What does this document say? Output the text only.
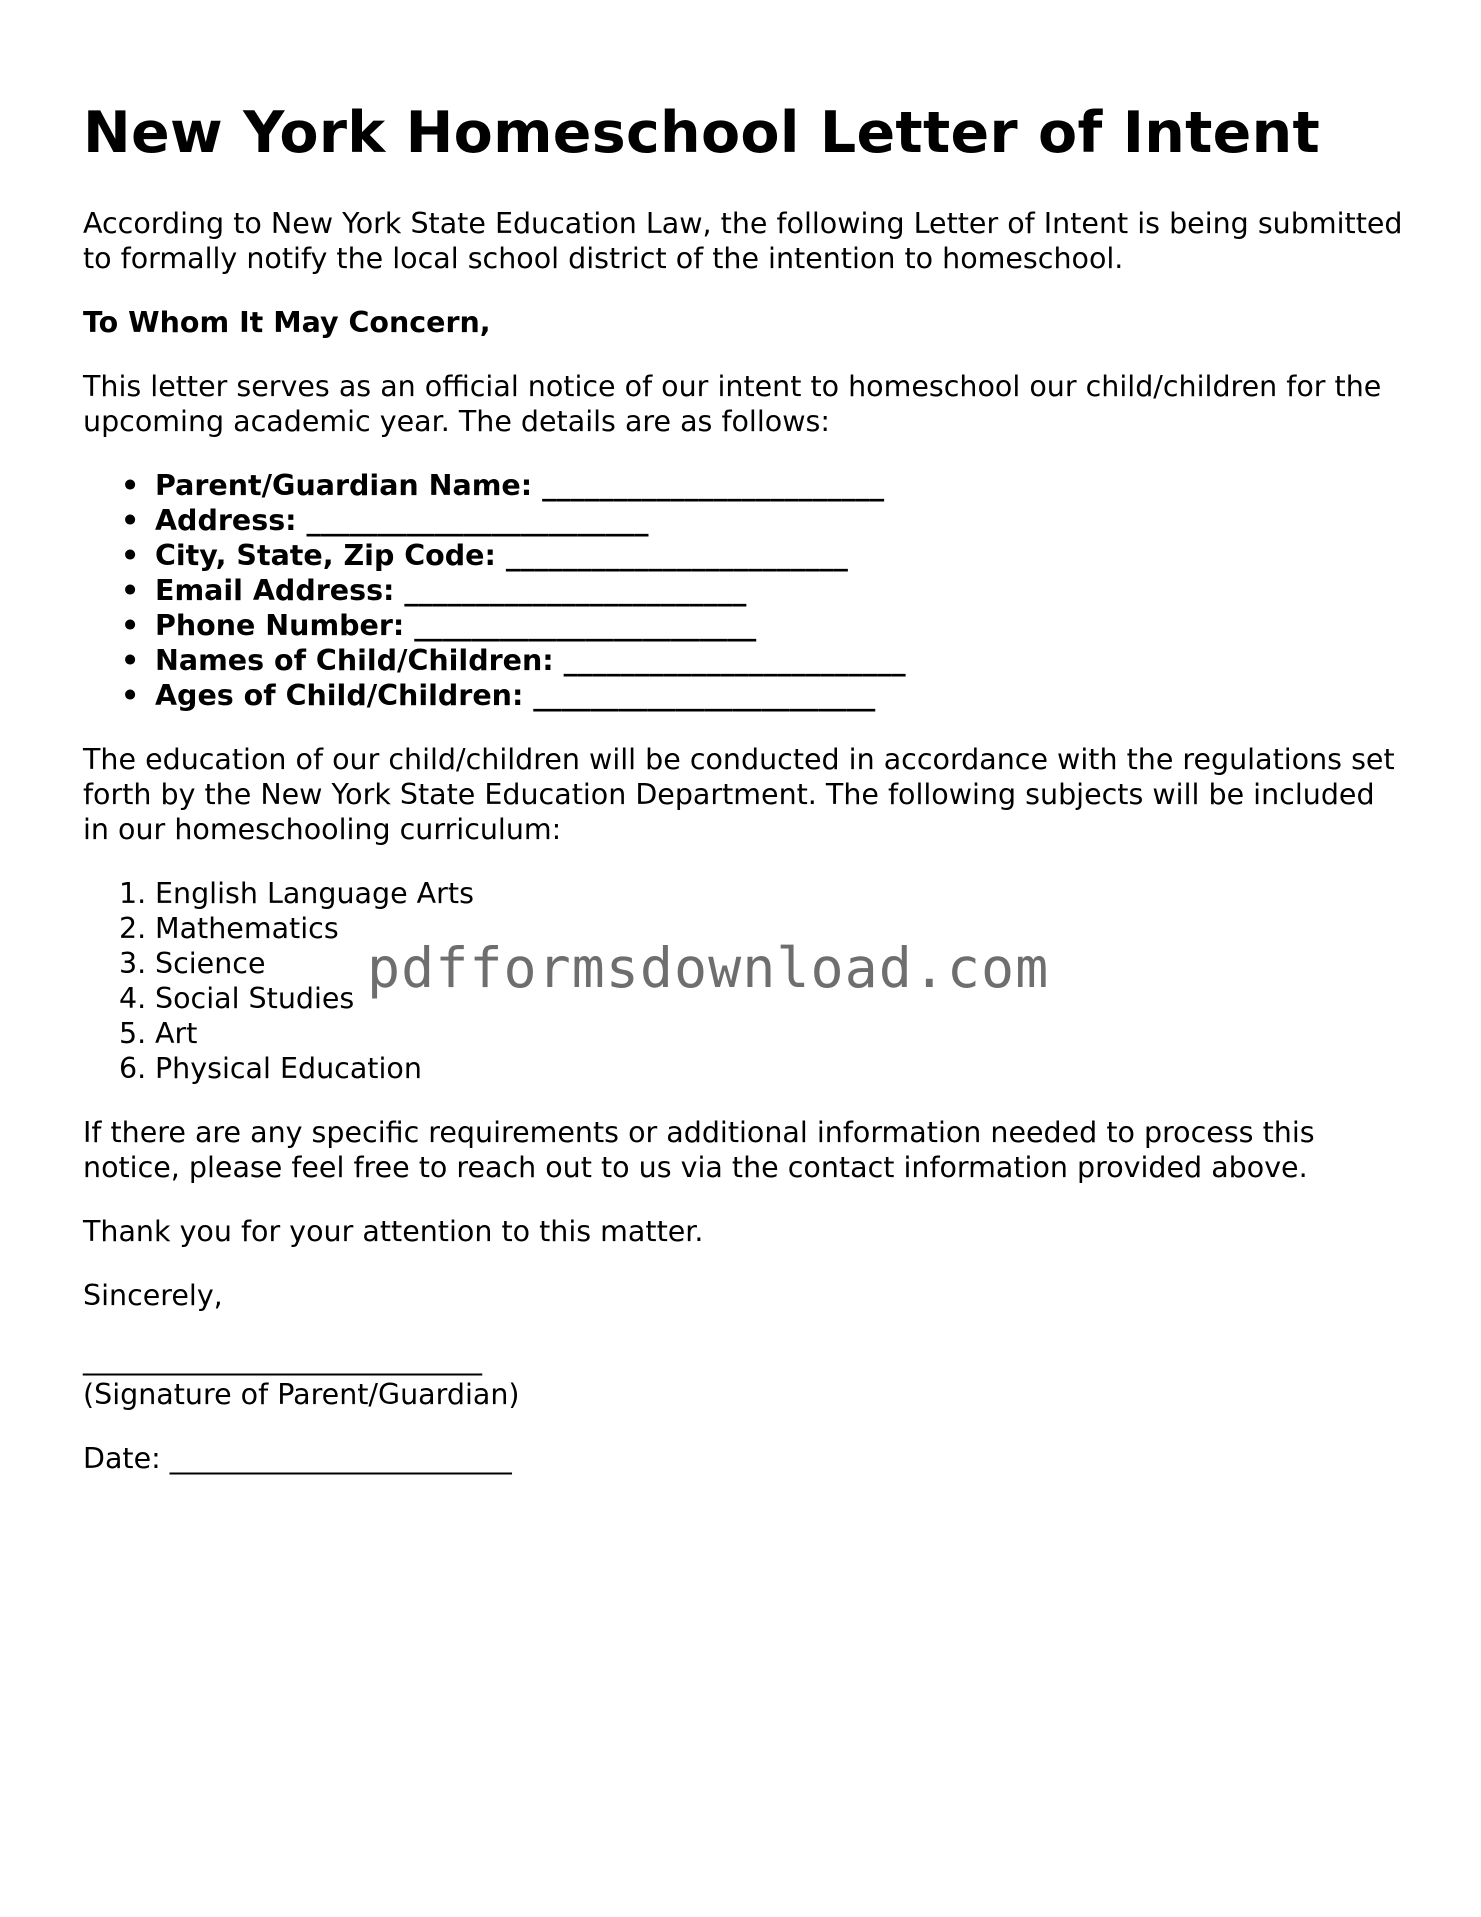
New York Homeschool Letter of Intent

According to New York State Education Law, the following Letter of Intent is being submitted to formally notify the local school district of the intention to homeschool.

To Whom It May Concern,

This letter serves as an official notice of our intent to homeschool our child/children for the upcoming academic year. The details are as follows:

• Parent/Guardian Name: ________________________
• Address: ________________________
• City, State, Zip Code: ________________________
• Email Address: ________________________
• Phone Number: ________________________
• Names of Child/Children: ________________________
• Ages of Child/Children: ________________________

The education of our child/children will be conducted in accordance with the regulations set forth by the New York State Education Department. The following subjects will be included in our homeschooling curriculum:

1. English Language Arts
2. Mathematics
3. Science
4. Social Studies
5. Art
6. Physical Education

If there are any specific requirements or additional information needed to process this notice, please feel free to reach out to us via the contact information provided above.

Thank you for your attention to this matter.

Sincerely,

____________________________

(Signature of Parent/Guardian)

Date: ________________________

pdfformsdownload.com
